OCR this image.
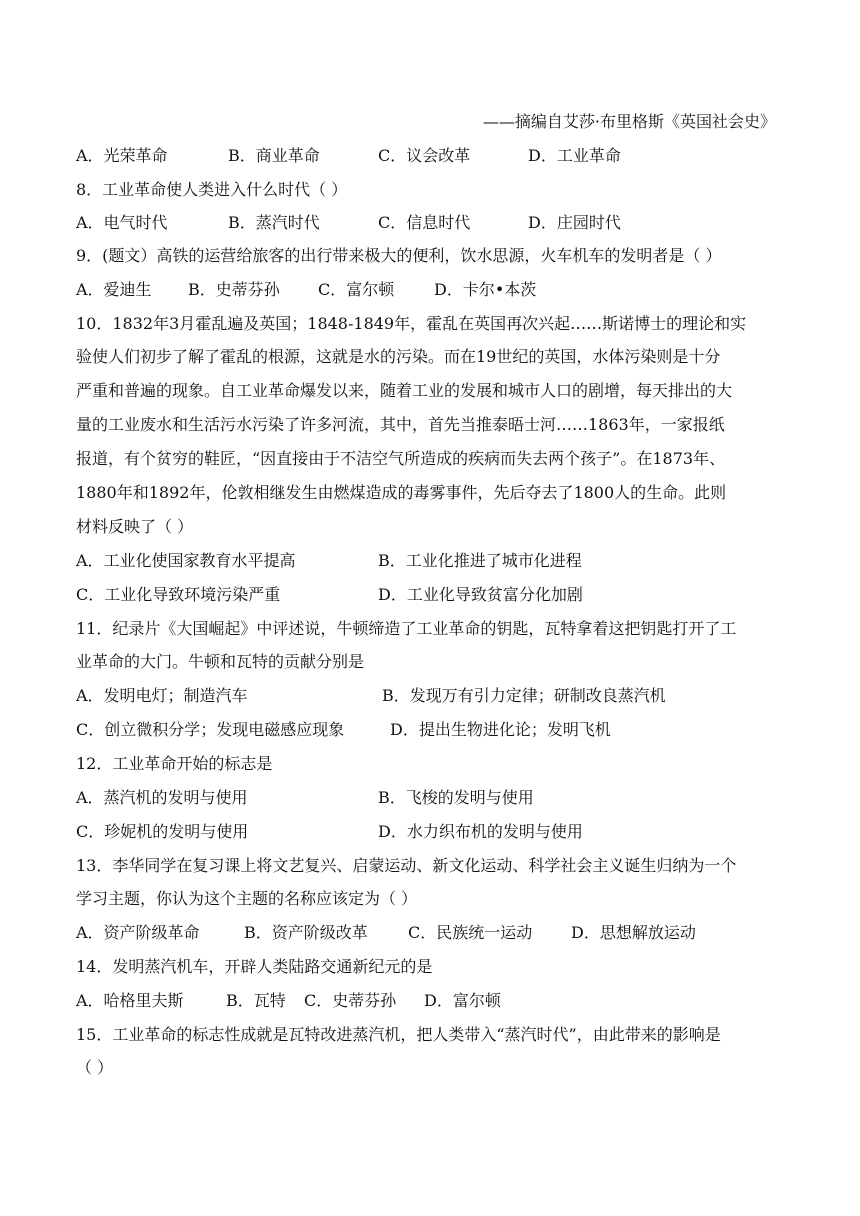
——摘编自艾莎·布里格斯《英国社会史》
A．光荣革命	B．商业革命	C．议会改革	D．工业革命
8．工业革命使人类进入什么时代（ ）
A．电气时代	B．蒸汽时代	C．信息时代	D．庄园时代
9．(题文）高铁的运营给旅客的出行带来极大的便利，饮水思源，火车机车的发明者是（ ）
A．爱迪生 B．史蒂芬孙 C．富尔顿 D．卡尔•本茨
10．1832年3月霍乱遍及英国；1848-1849年，霍乱在英国再次兴起……斯诺博士的理论和实
验使人们初步了解了霍乱的根源，这就是水的污染。而在19世纪的英国，水体污染则是十分
严重和普遍的现象。自工业革命爆发以来，随着工业的发展和城市人口的剧增，每天排出的大
量的工业废水和生活污水污染了许多河流，其中，首先当推泰晤士河……1863年，一家报纸
报道，有个贫穷的鞋匠，“因直接由于不洁空气所造成的疾病而失去两个孩子”。在1873年、
1880年和1892年，伦敦相继发生由燃煤造成的毒雾事件，先后夺去了1800人的生命。此则
材料反映了（ ）
A．工业化使国家教育水平提高	B．工业化推进了城市化进程
C．工业化导致环境污染严重	D．工业化导致贫富分化加剧
11．纪录片《大国崛起》中评述说，牛顿缔造了工业革命的钥匙，瓦特拿着这把钥匙打开了工
业革命的大门。牛顿和瓦特的贡献分别是
A．发明电灯；制造汽车	B．发现万有引力定律；研制改良蒸汽机
C．创立微积分学；发现电磁感应现象	D．提出生物进化论；发明飞机
12．工业革命开始的标志是
A．蒸汽机的发明与使用	B．飞梭的发明与使用
C．珍妮机的发明与使用	D．水力织布机的发明与使用
13．李华同学在复习课上将文艺复兴、启蒙运动、新文化运动、科学社会主义诞生归纳为一个
学习主题，你认为这个主题的名称应该定为（ ）
A．资产阶级革命	B．资产阶级改革	C．民族统一运动 D．思想解放运动
14．发明蒸汽机车，开辟人类陆路交通新纪元的是
A．哈格里夫斯	B．瓦特 C．史蒂芬孙 D．富尔顿
15．工业革命的标志性成就是瓦特改进蒸汽机，把人类带入“蒸汽时代”，由此带来的影响是
（ ）
